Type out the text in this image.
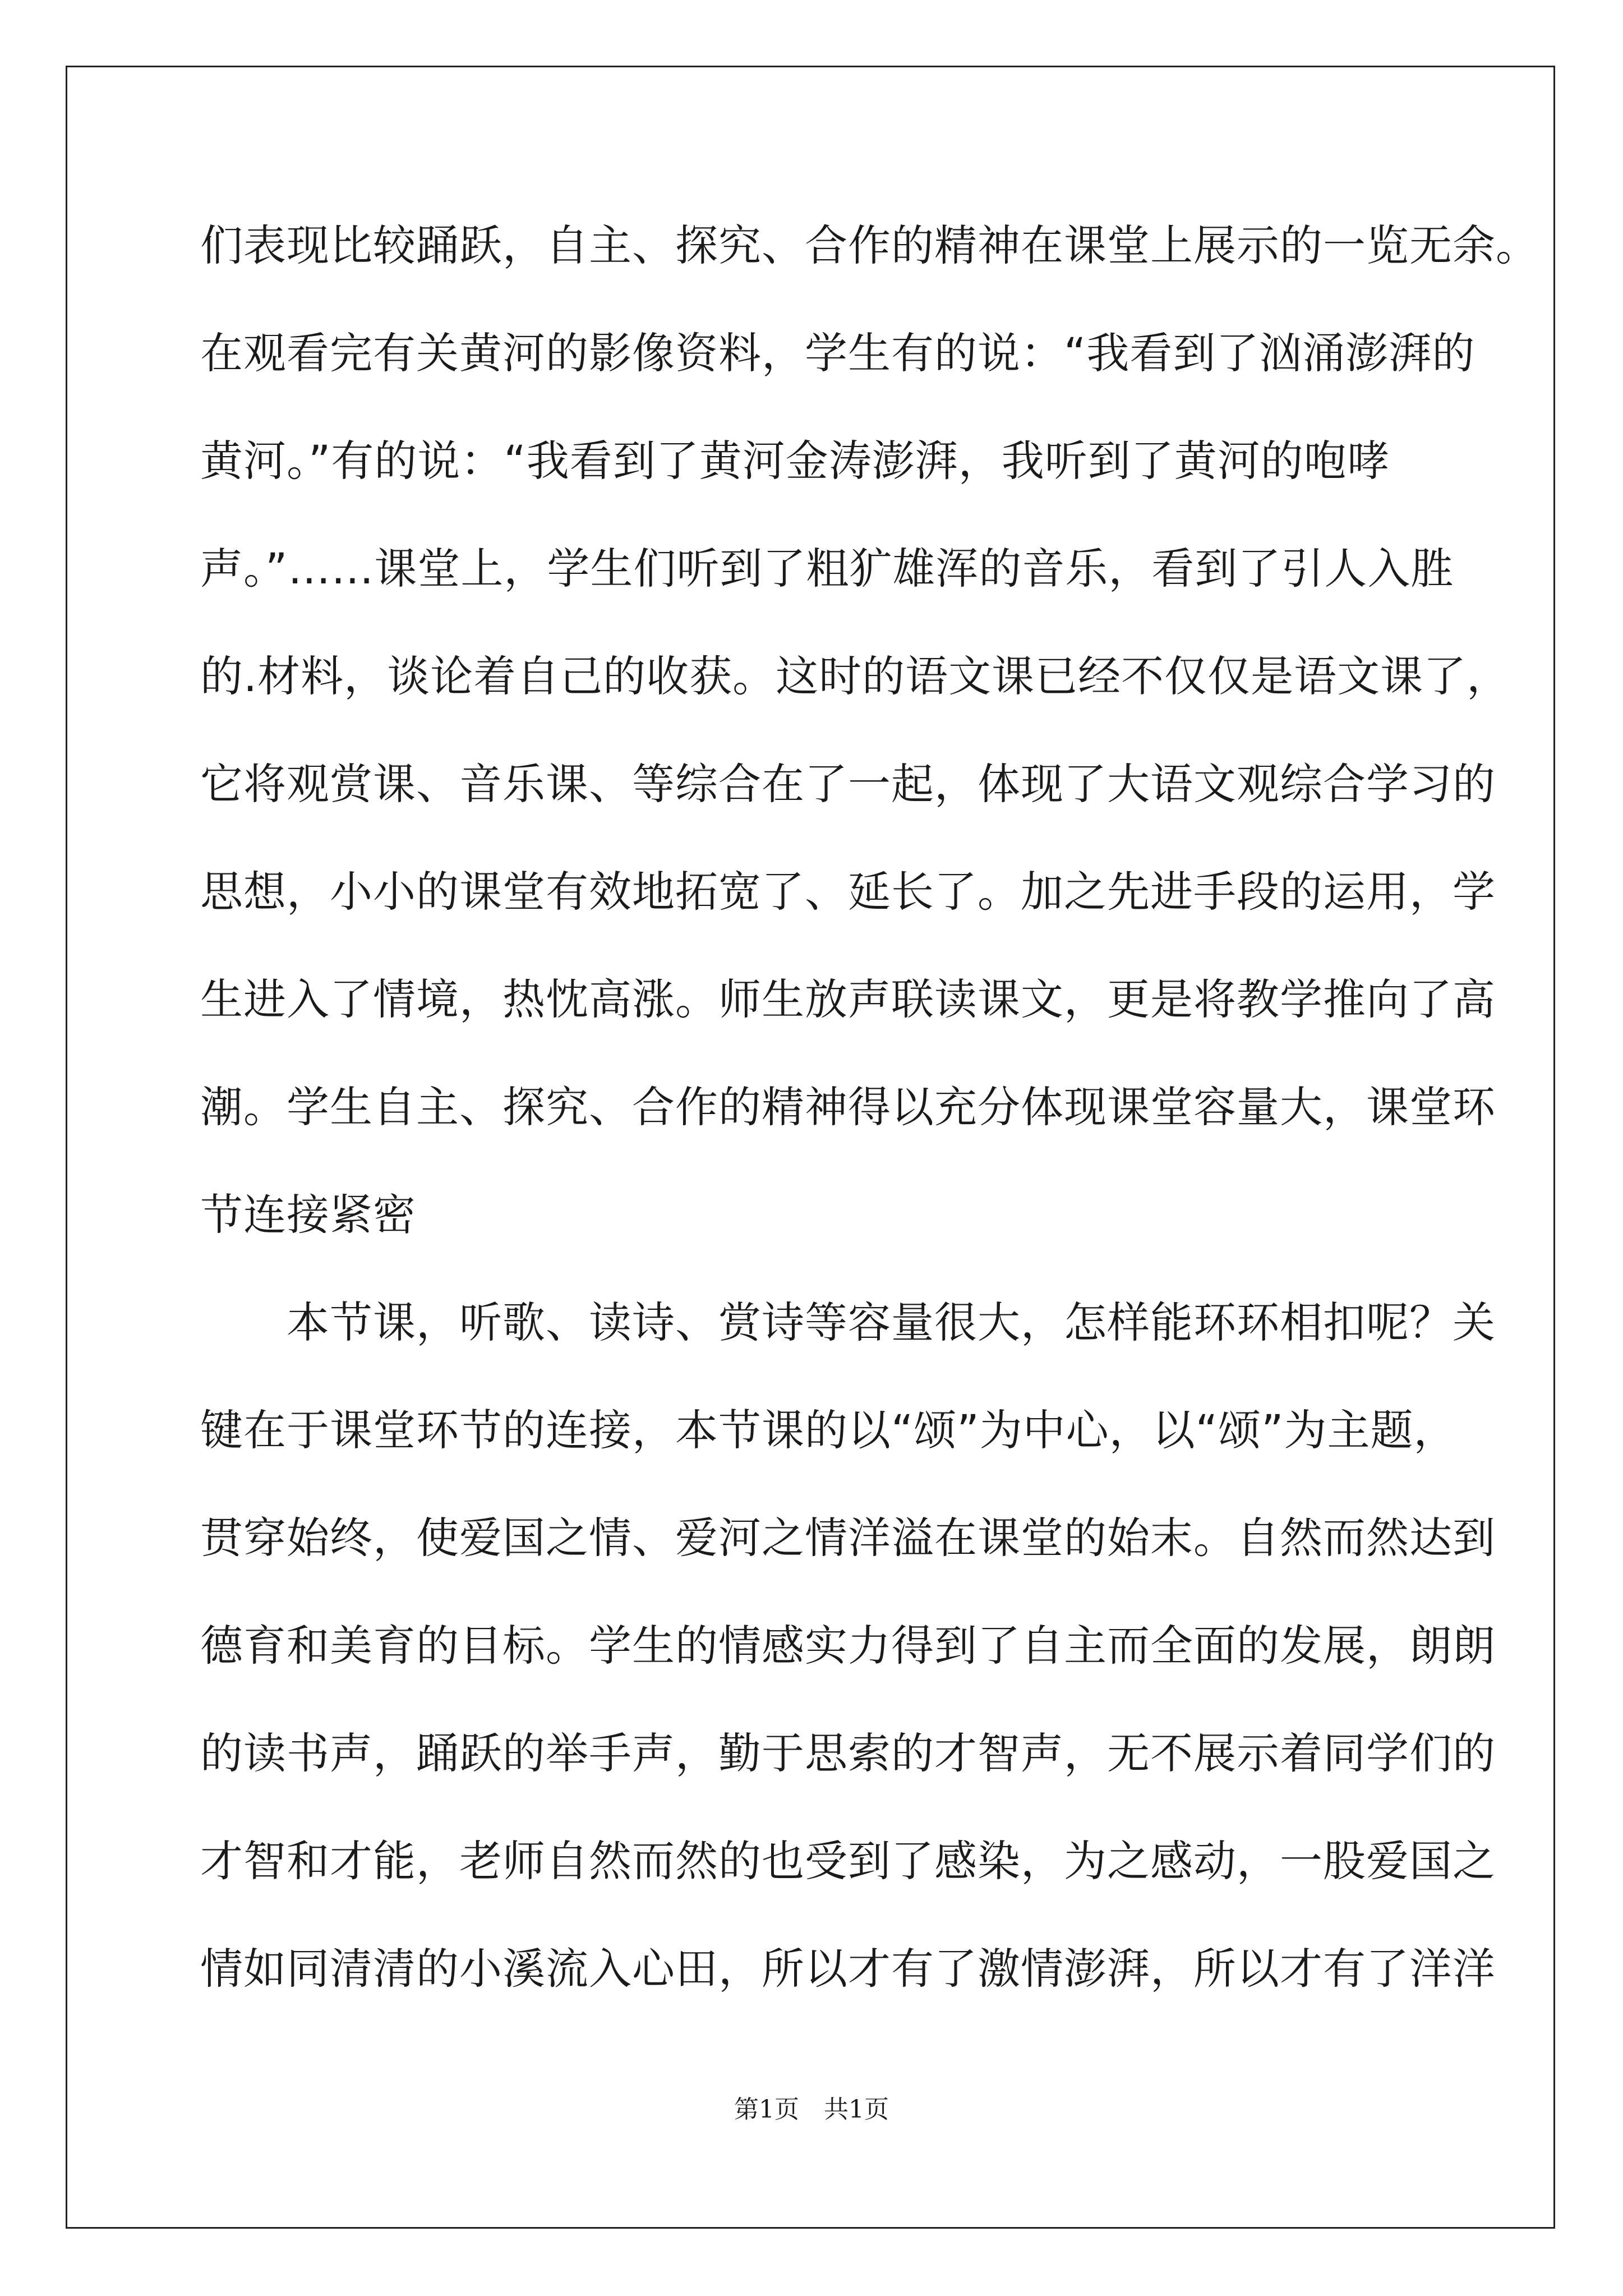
们表现比较踊跃，自主、探究、合作的精神在课堂上展示的一览无余。
在观看完有关黄河的影像资料，学生有的说：“我看到了汹涌澎湃的
黄河。”有的说：“我看到了黄河金涛澎湃，我听到了黄河的咆哮
声。”……课堂上，学生们听到了粗犷雄浑的音乐，看到了引人入胜
的.材料，谈论着自己的收获。这时的语文课已经不仅仅是语文课了，
它将观赏课、音乐课、等综合在了一起，体现了大语文观综合学习的
思想，小小的课堂有效地拓宽了、延长了。加之先进手段的运用，学
生进入了情境，热忱高涨。师生放声联读课文，更是将教学推向了高
潮。学生自主、探究、合作的精神得以充分体现课堂容量大，课堂环
节连接紧密
　　本节课，听歌、读诗、赏诗等容量很大，怎样能环环相扣呢？关
键在于课堂环节的连接，本节课的以“颂”为中心，以“颂”为主题，
贯穿始终，使爱国之情、爱河之情洋溢在课堂的始末。自然而然达到
德育和美育的目标。学生的情感实力得到了自主而全面的发展，朗朗
的读书声，踊跃的举手声，勤于思索的才智声，无不展示着同学们的
才智和才能，老师自然而然的也受到了感染，为之感动，一股爱国之
情如同清清的小溪流入心田，所以才有了激情澎湃，所以才有了洋洋
第1页　共1页
